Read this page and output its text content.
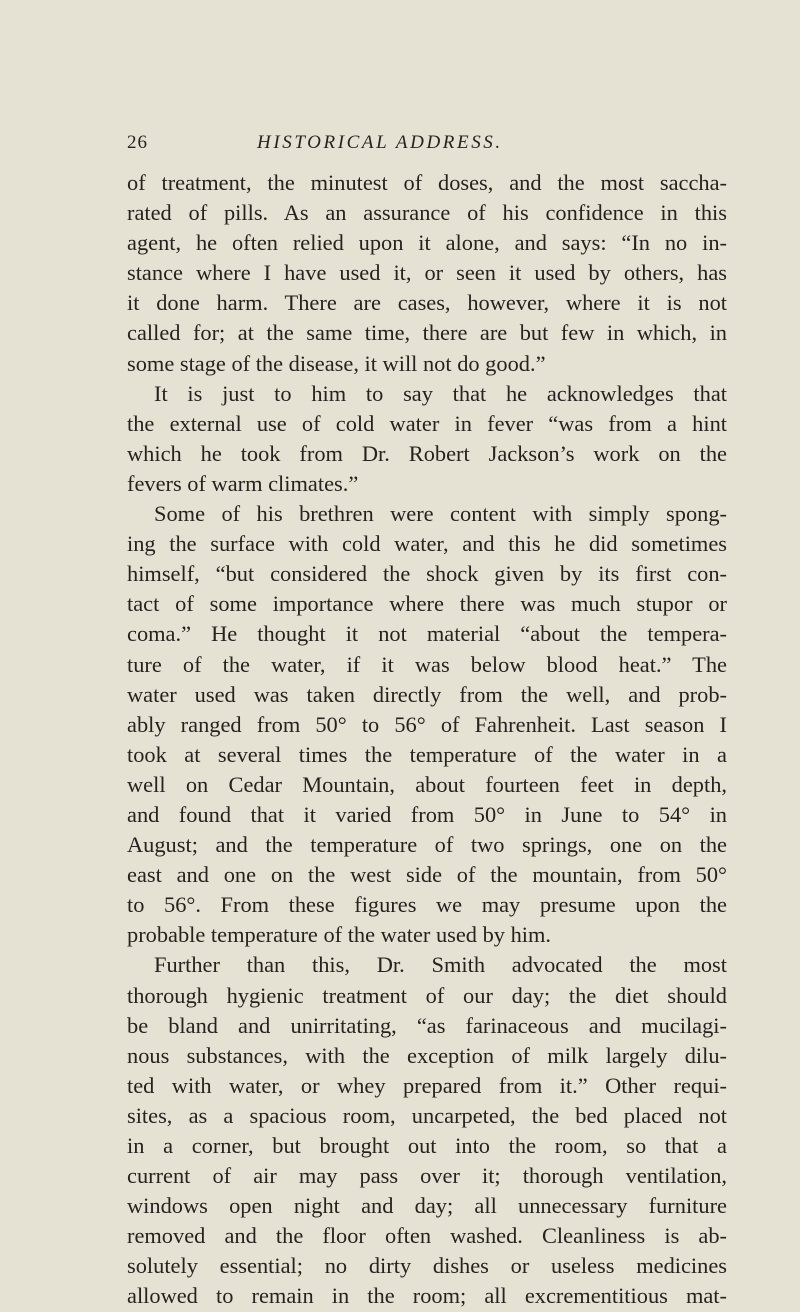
26	HISTORICAL ADDRESS.
of treatment, the minutest of doses, and the most saccha-
rated of pills. As an assurance of his confidence in this
agent, he often relied upon it alone, and says: “In no in-
stance where I have used it, or seen it used by others, has
it done harm. There are cases, however, where it is not
called for; at the same time, there are but few in which, in
some stage of the disease, it will not do good.”
It is just to him to say that he acknowledges that
the external use of cold water in fever “was from a hint
which he took from Dr. Robert Jackson’s work on the
fevers of warm climates.”
Some of his brethren were content with simply spong-
ing the surface with cold water, and this he did sometimes
himself, “but considered the shock given by its first con-
tact of some importance where there was much stupor or
coma.” He thought it not material “about the tempera-
ture of the water, if it was below blood heat.” The
water used was taken directly from the well, and prob-
ably ranged from 50° to 56° of Fahrenheit. Last season I
took at several times the temperature of the water in a
well on Cedar Mountain, about fourteen feet in depth,
and found that it varied from 50° in June to 54° in
August; and the temperature of two springs, one on the
east and one on the west side of the mountain, from 50°
to 56°. From these figures we may presume upon the
probable temperature of the water used by him.
Further than this, Dr. Smith advocated the most
thorough hygienic treatment of our day; the diet should
be bland and unirritating, “as farinaceous and mucilagi-
nous substances, with the exception of milk largely dilu-
ted with water, or whey prepared from it.” Other requi-
sites, as a spacious room, uncarpeted, the bed placed not
in a corner, but brought out into the room, so that a
current of air may pass over it; thorough ventilation,
windows open night and day; all unnecessary furniture
removed and the floor often washed. Cleanliness is ab-
solutely essential; no dirty dishes or useless medicines
allowed to remain in the room; all excrementitious mat-
